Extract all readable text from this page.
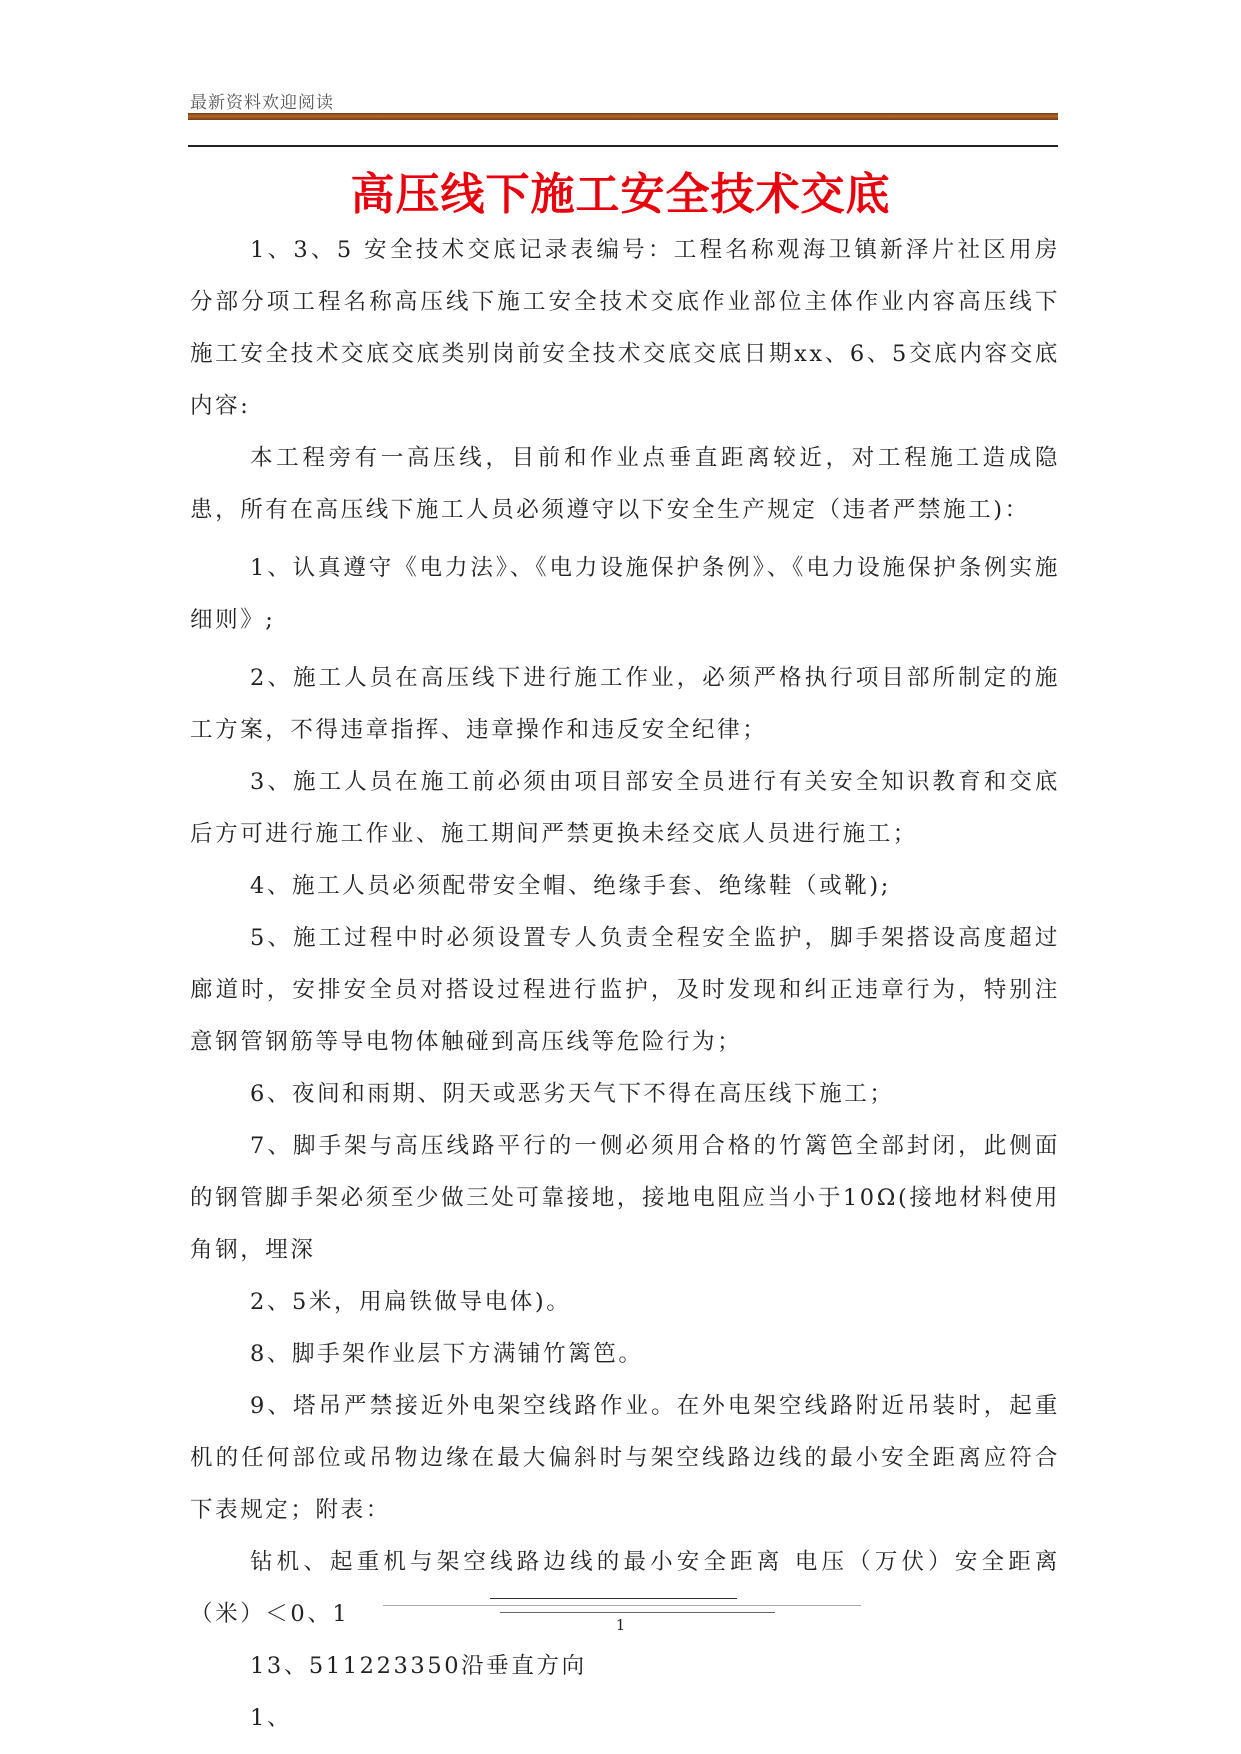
最新资料欢迎阅读
高压线下施工安全技术交底

1、3、5 安全技术交底记录表编号：工程名称观海卫镇新泽片社区用房分部分项工程名称高压线下施工安全技术交底作业部位主体作业内容高压线下施工安全技术交底交底类别岗前安全技术交底交底日期xx、6、5交底内容交底内容:

本工程旁有一高压线，目前和作业点垂直距离较近，对工程施工造成隐患，所有在高压线下施工人员必须遵守以下安全生产规定（违者严禁施工)：

1、认真遵守《电力法》、《电力设施保护条例》、《电力设施保护条例实施细则》;

2、施工人员在高压线下进行施工作业，必须严格执行项目部所制定的施工方案，不得违章指挥、违章操作和违反安全纪律；

3、施工人员在施工前必须由项目部安全员进行有关安全知识教育和交底后方可进行施工作业、施工期间严禁更换未经交底人员进行施工；

4、施工人员必须配带安全帽、绝缘手套、绝缘鞋（或靴);

5、施工过程中时必须设置专人负责全程安全监护，脚手架搭设高度超过廊道时，安排安全员对搭设过程进行监护，及时发现和纠正违章行为，特别注意钢管钢筋等导电物体触碰到高压线等危险行为；

6、夜间和雨期、阴天或恶劣天气下不得在高压线下施工；

7、脚手架与高压线路平行的一侧必须用合格的竹篱笆全部封闭，此侧面的钢管脚手架必须至少做三处可靠接地，接地电阻应当小于10Ω(接地材料使用角钢，埋深

2、5米，用扁铁做导电体)。

8、脚手架作业层下方满铺竹篱笆。

9、塔吊严禁接近外电架空线路作业。在外电架空线路附近吊装时，起重机的任何部位或吊物边缘在最大偏斜时与架空线路边线的最小安全距离应符合下表规定；附表：

钻机、起重机与架空线路边线的最小安全距离 电压（万伏）安全距离（米）＜0、1

13、511223350沿垂直方向

1、

1
